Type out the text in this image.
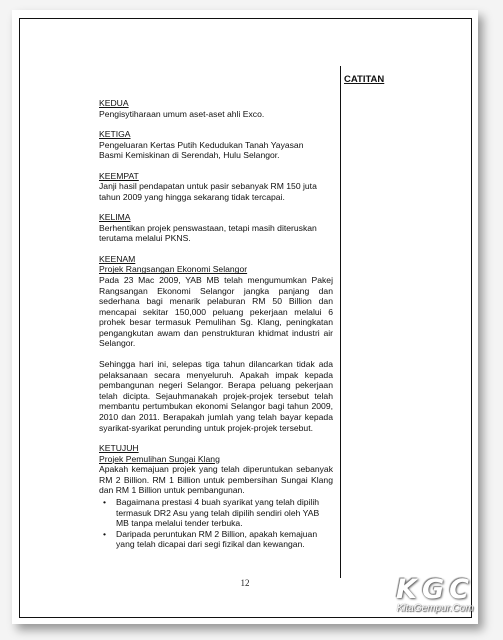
CATITAN
KEDUA
Pengisytiharaan umum aset-aset ahli Exco.
KETIGA
Pengeluaran Kertas Putih Kedudukan Tanah Yayasan
Basmi Kemiskinan di Serendah, Hulu Selangor.
KEEMPAT
Janji hasil pendapatan untuk pasir sebanyak RM 150 juta
tahun 2009 yang hingga sekarang tidak tercapai.
KELIMA
Berhentikan projek penswastaan, tetapi masih diteruskan
terutama melalui PKNS.
KEENAM
Projek Rangsangan Ekonomi Selangor
Pada 23 Mac 2009, YAB MB telah mengumumkan Pakej Rangsangan Ekonomi Selangor jangka panjang dan sederhana bagi menarik pelaburan RM 50 Billion dan mencapai sekitar 150,000 peluang pekerjaan melalui 6 prohek besar termasuk Pemulihan Sg. Klang, peningkatan pengangkutan awam dan penstrukturan khidmat industri air Selangor.
Sehingga hari ini, selepas tiga tahun dilancarkan tidak ada pelaksanaan secara menyeluruh. Apakah impak kepada pembangunan negeri Selangor. Berapa peluang pekerjaan telah dicipta. Sejauhmanakah projek-projek tersebut telah membantu pertumbukan ekonomi Selangor bagi tahun 2009, 2010 dan 2011. Berapakah jumlah yang telah bayar kepada syarikat-syarikat perunding untuk projek-projek tersebut.
KETUJUH
Projek Pemulihan Sungai Klang
Apakah kemajuan projek yang telah diperuntukan sebanyak RM 2 Billion. RM 1 Billion untuk pembersihan Sungai Klang dan RM 1 Billion untuk pembangunan.
• Bagaimana prestasi 4 buah syarikat yang telah dipilih termasuk DR2 Asu yang telah dipilih sendiri oleh YAB MB tanpa melalui tender terbuka.
• Daripada peruntukan RM 2 Billion, apakah kemajuan yang telah dicapai dari segi fizikal dan kewangan.
12	KGC
KitaGempur.Com
